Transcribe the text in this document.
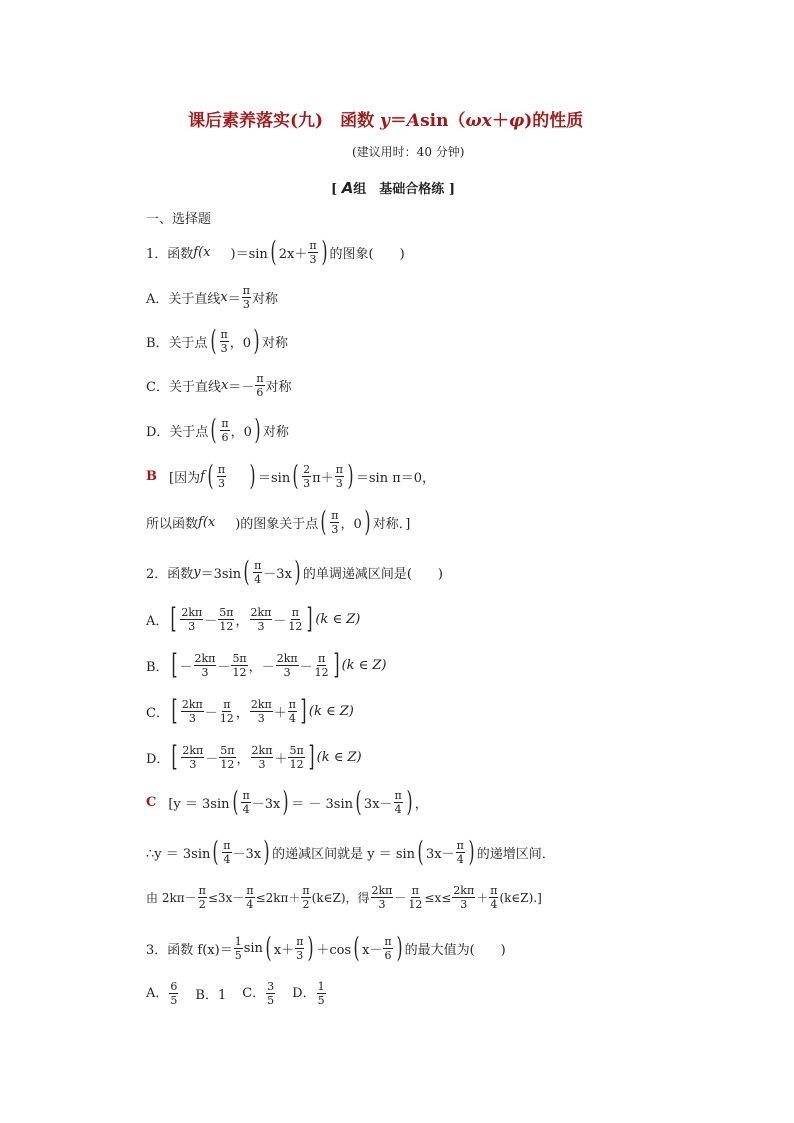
课后素养落实(九)　函数 y＝Asin（ωx＋φ)的性质
(建议用时：40 分钟)
[ A组　基础合格练 ]
一、选择题
1．函数 f (x )＝sin ( $2x+ \frac{\pi}{3}$ ) 的图象(　　)
A．关于直线 $x = \frac{\pi}{3}$ 对称
B．关于点 ( $\frac{\pi}{3}$ ，0 ) 对称
C．关于直线 $x =- \frac{\pi}{6}$ 对称
D．关于点 ( $\frac{\pi}{6}$ ，0 ) 对称
B [因为 f ( $\frac{\pi}{3}$ ) ＝sin ( $\frac{2}{3} \pi+ \frac{\pi}{3}$ ) ＝sin π＝0，
所以函数 f (x )的图象关于点 ( $\frac{\pi}{3}$ ，0 ) 对称．]
2．函数 y ＝3sin ( $\frac{\pi}{4} -3x$ ) 的单调递减区间是(　　)
A． [ $\frac{2k\pi}{3} - \frac{5\pi}{12}$ ， $\frac{2k\pi}{3} - \frac{\pi}{12}$ ] (k ∈ Z)
B． [ － $\frac{2k\pi}{3} - \frac{5\pi}{12}$ ， － $\frac{2k\pi}{3} - \frac{\pi}{12}$ ] (k ∈ Z)
C． [ $\frac{2k\pi}{3} - \frac{\pi}{12}$ ， $\frac{2k\pi}{3} + \frac{\pi}{4}$ ] (k ∈ Z)
D． [ $\frac{2k\pi}{3} - \frac{5\pi}{12}$ ， $\frac{2k\pi}{3} + \frac{5\pi}{12}$ ] (k ∈ Z)
C [y ＝ 3sin ( $\frac{\pi}{4} -3x$ ) ＝ － 3sin ( $3x- \frac{\pi}{4}$ ) ，
∴y ＝ 3sin ( $\frac{\pi}{4} -3x$ ) 的递减区间就是 y ＝ sin ( $3x- \frac{\pi}{4}$ ) 的递增区间．
由 $2k\pi- \frac{\pi}{2} \le 3x- \frac{\pi}{4} \le 2k\pi+ \frac{\pi}{2}$ (k∈Z)，得 $\frac{2k\pi}{3} - \frac{\pi}{12} \le x\le \frac{2k\pi}{3} + \frac{\pi}{4}$ (k∈Z).]
3．函数 $f(x)= \frac{1}{5}$ sin ( $x+ \frac{\pi}{3}$ ) ＋cos ( $x- \frac{\pi}{6}$ ) 的最大值为(　　)
A． $\frac{6}{5}$ B．1 C． $\frac{3}{5}$ D． $\frac{1}{5}$
